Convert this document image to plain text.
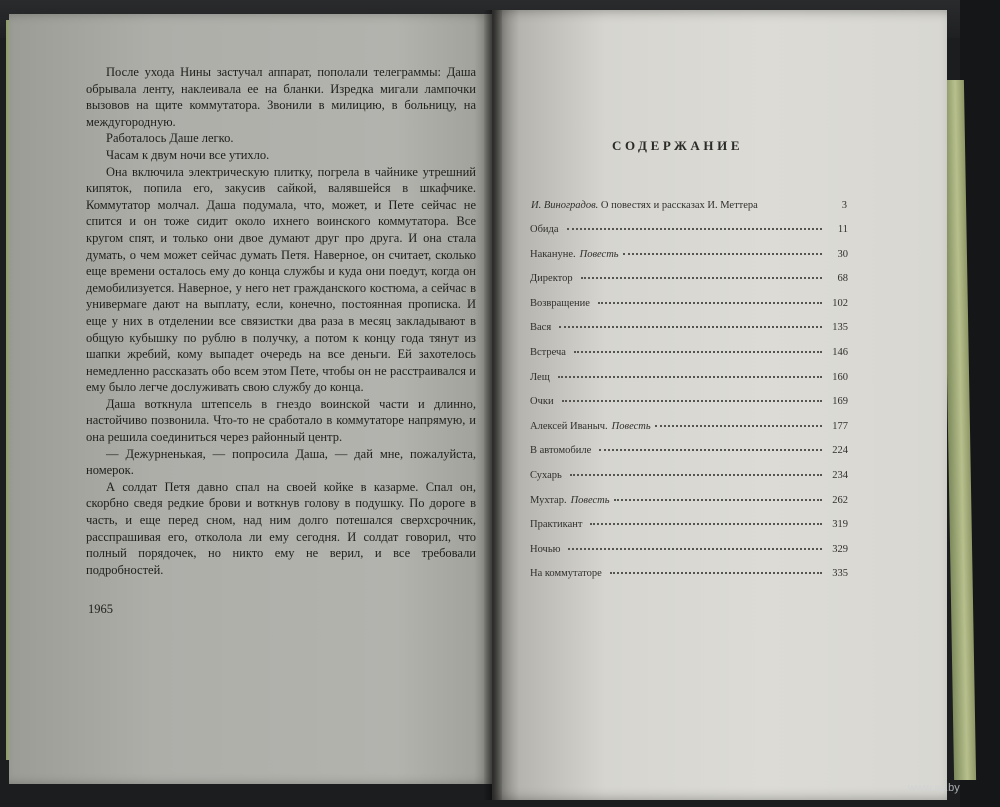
После ухода Нины застучал аппарат, пополали телеграммы: Даша обрывала ленту, наклеивала ее на бланки. Изредка мигали лампочки вызовов на щите коммутатора. Звонили в милицию, в больницу, на междугородную.

Работалось Даше легко.

Часам к двум ночи все утихло.

Она включила электрическую плитку, погрела в чайнике утрешний кипяток, попила его, закусив сайкой, валявшейся в шкафчике. Коммутатор молчал. Даша подумала, что, может, и Пете сейчас не спится и он тоже сидит около ихнего воинского коммутатора. Все кругом спят, и только они двое думают друг про друга. И она стала думать, о чем может сейчас думать Петя. Наверное, он считает, сколько еще времени осталось ему до конца службы и куда они поедут, когда он демобилизуется. Наверное, у него нет гражданского костюма, а сейчас в универмаге дают на выплату, если, конечно, постоянная прописка. И еще у них в отделении все связистки два раза в месяц закладывают в общую кубышку по рублю в получку, а потом к концу года тянут из шапки жребий, кому выпадет очередь на все деньги. Ей захотелось немедленно рассказать обо всем этом Пете, чтобы он не расстраивался и ему было легче дослуживать свою службу до конца.

Даша воткнула штепсель в гнездо воинской части и длинно, настойчиво позвонила. Что-то не сработало в коммутаторе напрямую, и она решила соединиться через районный центр.

— Дежурненькая, — попросила Даша, — дай мне, пожалуйста, номерок.

А солдат Петя давно спал на своей койке в казарме. Спал он, скорбно сведя редкие брови и воткнув голову в подушку. По дороге в часть, и еще перед сном, над ним долго потешался сверхсрочник, расспрашивая его, отколола ли ему сегодня. И солдат говорил, что полный порядочек, но никто ему не верил, и все требовали подробностей.

1965
СОДЕРЖАНИЕ
И. Виноградов. О повестях и рассказах И. Меттера	3
Обида	11
Накануне. Повесть	30
Директор	68
Возвращение	102
Вася	135
Встреча	146
Лещ	160
Очки	169
Алексей Иваныч. Повесть	177
В автомобиле	224
Сухарь	234
Мухтар. Повесть	262
Практикант	319
Ночью	329
На коммутаторе	335
www.ay.by
